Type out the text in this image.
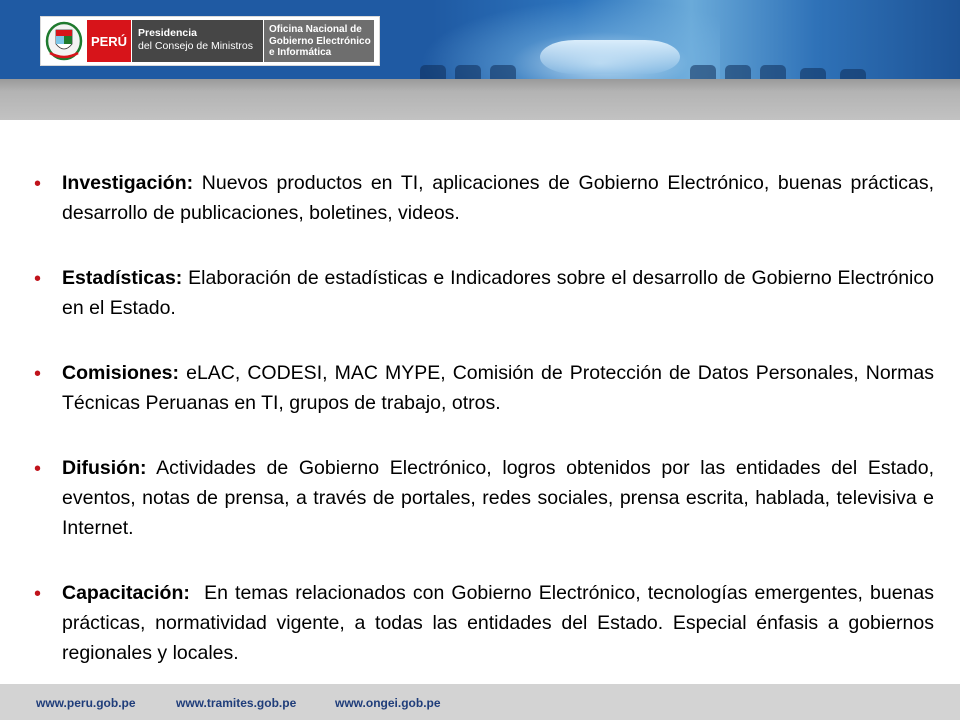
PERÚ
Presidencia
del Consejo de Ministros
Oficina Nacional de
Gobierno Electrónico
e Informática
•	Investigación: Nuevos productos en TI, aplicaciones de Gobierno Electrónico, buenas prácticas, desarrollo de publicaciones, boletines, videos.
•	Estadísticas: Elaboración de estadísticas e Indicadores sobre el desarrollo de Gobierno Electrónico en el Estado.
•	Comisiones: eLAC, CODESI, MAC MYPE, Comisión de Protección de Datos Personales, Normas Técnicas Peruanas en TI, grupos de trabajo, otros.
•	Difusión: Actividades de Gobierno Electrónico, logros obtenidos por las entidades del Estado, eventos, notas de prensa, a través de portales, redes sociales, prensa escrita, hablada, televisiva e Internet.
•	Capacitación: En temas relacionados con Gobierno Electrónico, tecnologías emergentes, buenas prácticas, normatividad vigente, a todas las entidades del Estado. Especial énfasis a gobiernos regionales y locales.
www.peru.gob.pe	www.tramites.gob.pe	www.ongei.gob.pe
